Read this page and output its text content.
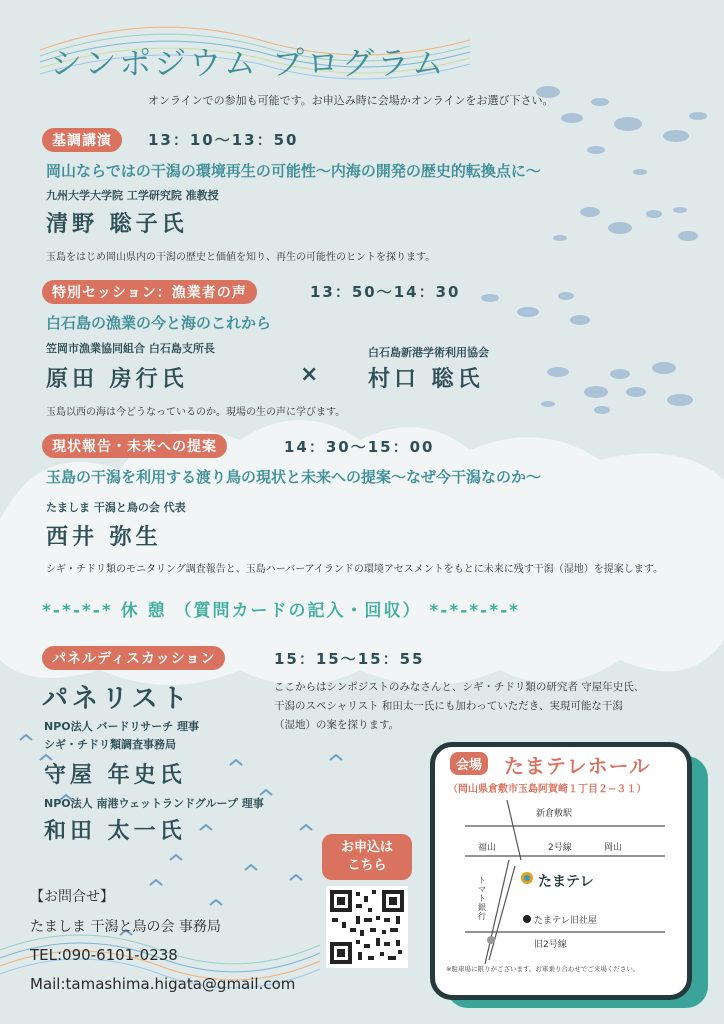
シンポジウム プログラム
オンラインでの参加も可能です。お申込み時に会場かオンラインをお選び下さい。
基調講演	13：10〜13：50
岡山ならではの干潟の環境再生の可能性〜内海の開発の歴史的転換点に〜
九州大学大学院 工学研究院 准教授
清野 聡子氏
玉島をはじめ岡山県内の干潟の歴史と価値を知り、再生の可能性のヒントを探ります。
特別セッション：漁業者の声	13：50〜14：30
白石島の漁業の今と海のこれから
笠岡市漁業協同組合 白石島支所長
原田 房行氏	×
白石島新港学術利用協会
村口 聡氏
玉島以西の海は今どうなっているのか。現場の生の声に学びます。
現状報告・未来への提案	14：30〜15：00
玉島の干潟を利用する渡り鳥の現状と未来への提案〜なぜ今干潟なのか〜
たましま 干潟と鳥の会 代表
西井 弥生
シギ・チドリ類のモニタリング調査報告と、玉島ハーバーアイランドの環境アセスメントをもとに未来に残す干潟（湿地）を提案します。
*-*-*-* 休 憩 （質問カードの記入・回収） *-*-*-*-*
パネルディスカッション	15：15〜15：55
パネリスト	ここからはシンポジストのみなさんと、シギ・チドリ類の研究者 守屋年史氏、
干潟のスペシャリスト 和田太一氏にも加わっていただき、実現可能な干潟
（湿地）の案を探ります。
NPO法人 バードリサーチ 理事
シギ・チドリ類調査事務局
守屋 年史氏
NPO法人 南港ウェットランドグループ 理事
和田 太一氏
【お問合せ】
たましま 干潟と鳥の会 事務局
TEL:090-6101-0238
Mail:tamashima.higata@gmail.com
お申込は
こちら
会場	たまテレホール
（岡山県倉敷市玉島阿賀崎１丁目２−３１）
新倉敷駅
福山	2号線	岡山
トマト銀行
たまテレ
たまテレ旧社屋
旧2号線
※駐車場に限りがございます。お車乗り合わせでご来場ください。
